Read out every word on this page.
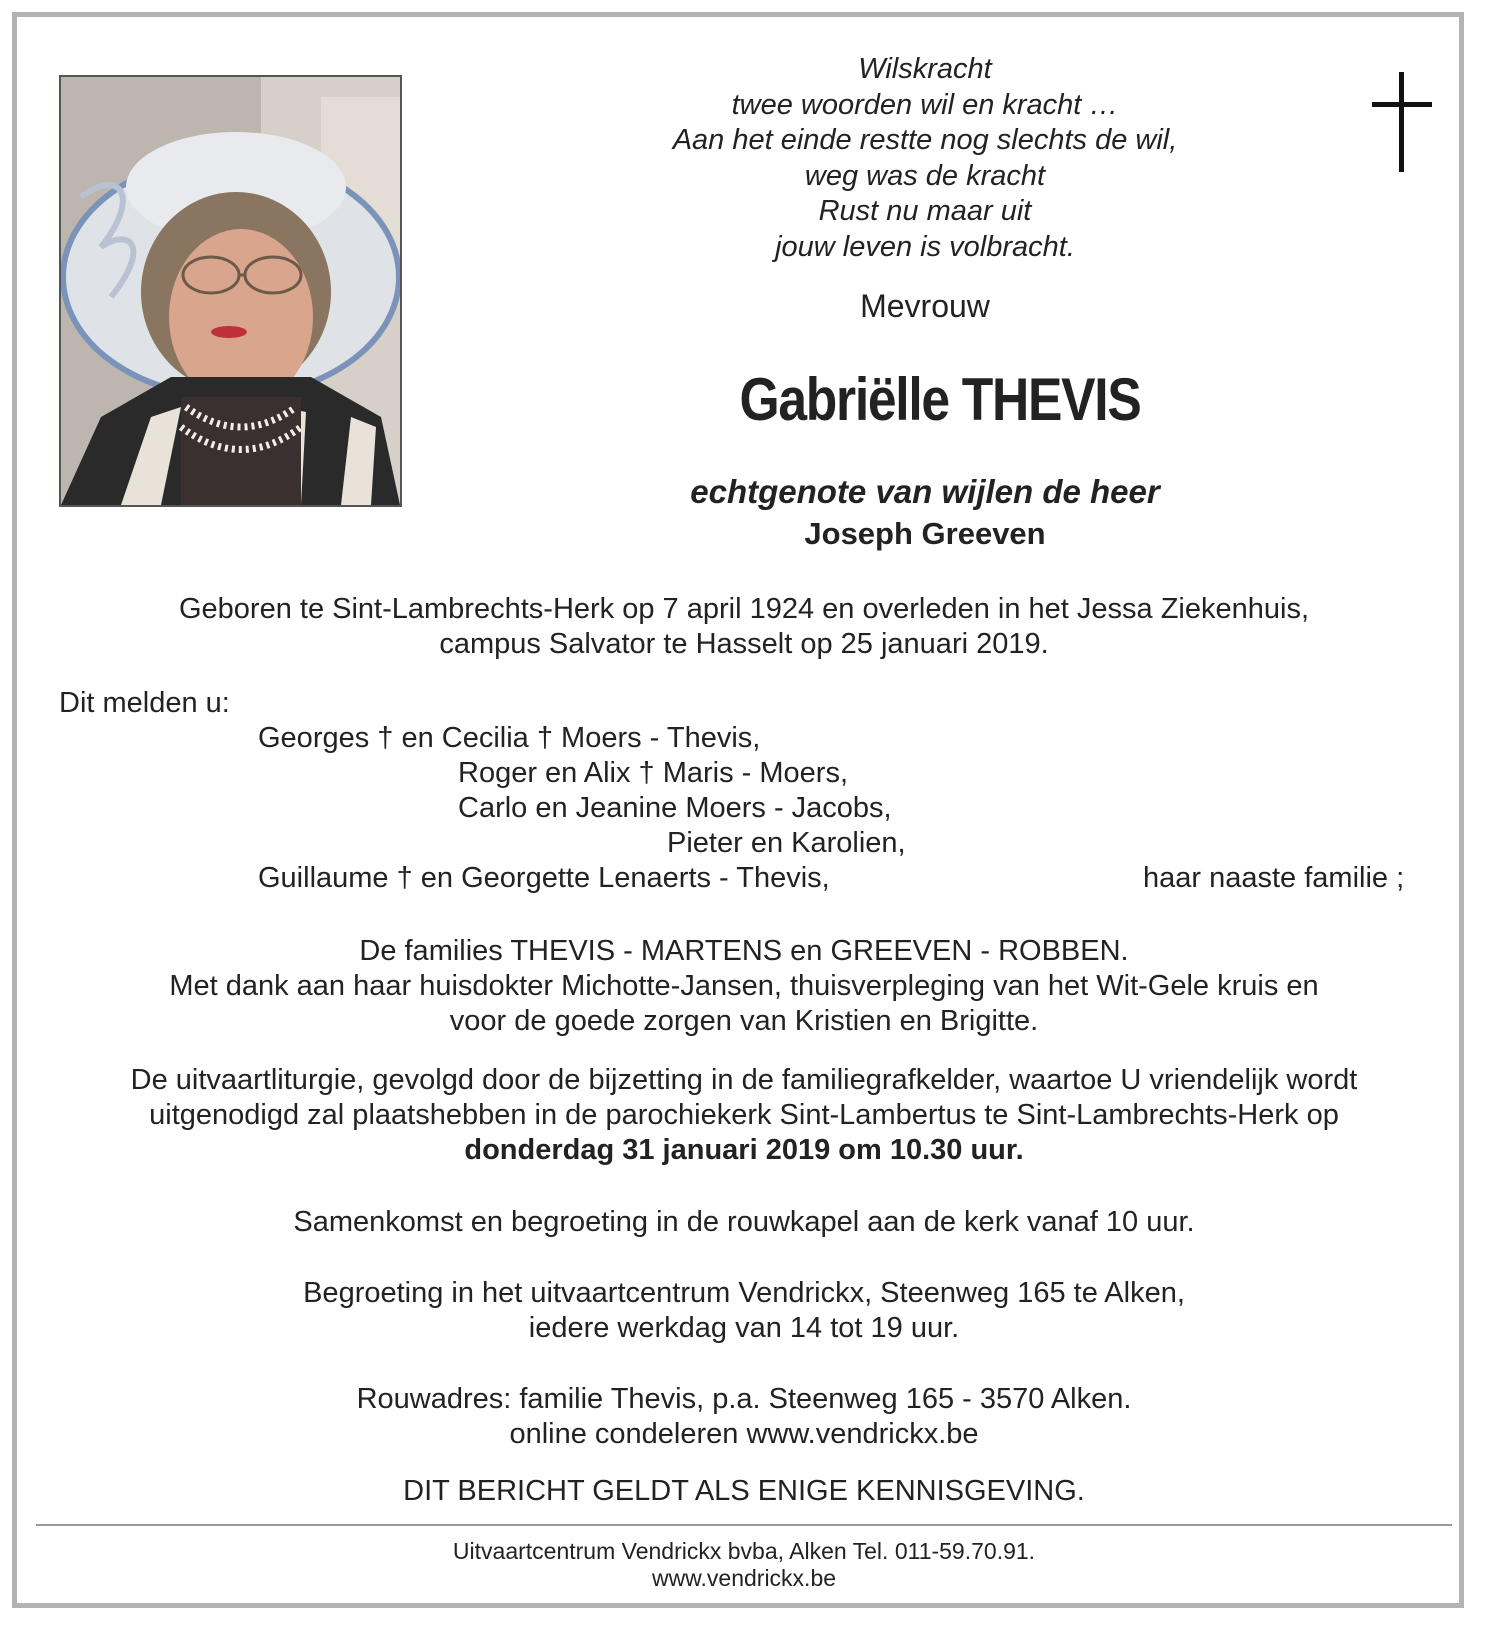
Wilskracht
twee woorden wil en kracht …
Aan het einde restte nog slechts de wil,
weg was de kracht
Rust nu maar uit
jouw leven is volbracht.
Mevrouw
Gabriëlle THEVIS
echtgenote van wijlen de heer
Joseph Greeven
Geboren te Sint-Lambrechts-Herk op 7 april 1924 en overleden in het Jessa Ziekenhuis,
campus Salvator te Hasselt op 25 januari 2019.
Dit melden u:
Georges † en Cecilia † Moers - Thevis,
Roger en Alix † Maris - Moers,
Carlo en Jeanine Moers - Jacobs,
Pieter en Karolien,
Guillaume † en Georgette Lenaerts - Thevis,	haar naaste familie ;
De families THEVIS - MARTENS en GREEVEN - ROBBEN.
Met dank aan haar huisdokter Michotte-Jansen, thuisverpleging van het Wit-Gele kruis en
voor de goede zorgen van Kristien en Brigitte.
De uitvaartliturgie, gevolgd door de bijzetting in de familiegrafkelder, waartoe U vriendelijk wordt
uitgenodigd zal plaatshebben in de parochiekerk Sint-Lambertus te Sint-Lambrechts-Herk op
donderdag 31 januari 2019 om 10.30 uur.
Samenkomst en begroeting in de rouwkapel aan de kerk vanaf 10 uur.
Begroeting in het uitvaartcentrum Vendrickx, Steenweg 165 te Alken,
iedere werkdag van 14 tot 19 uur.
Rouwadres: familie Thevis, p.a. Steenweg 165 - 3570 Alken.
online condeleren www.vendrickx.be
DIT BERICHT GELDT ALS ENIGE KENNISGEVING.
Uitvaartcentrum Vendrickx bvba, Alken Tel. 011-59.70.91.
www.vendrickx.be
